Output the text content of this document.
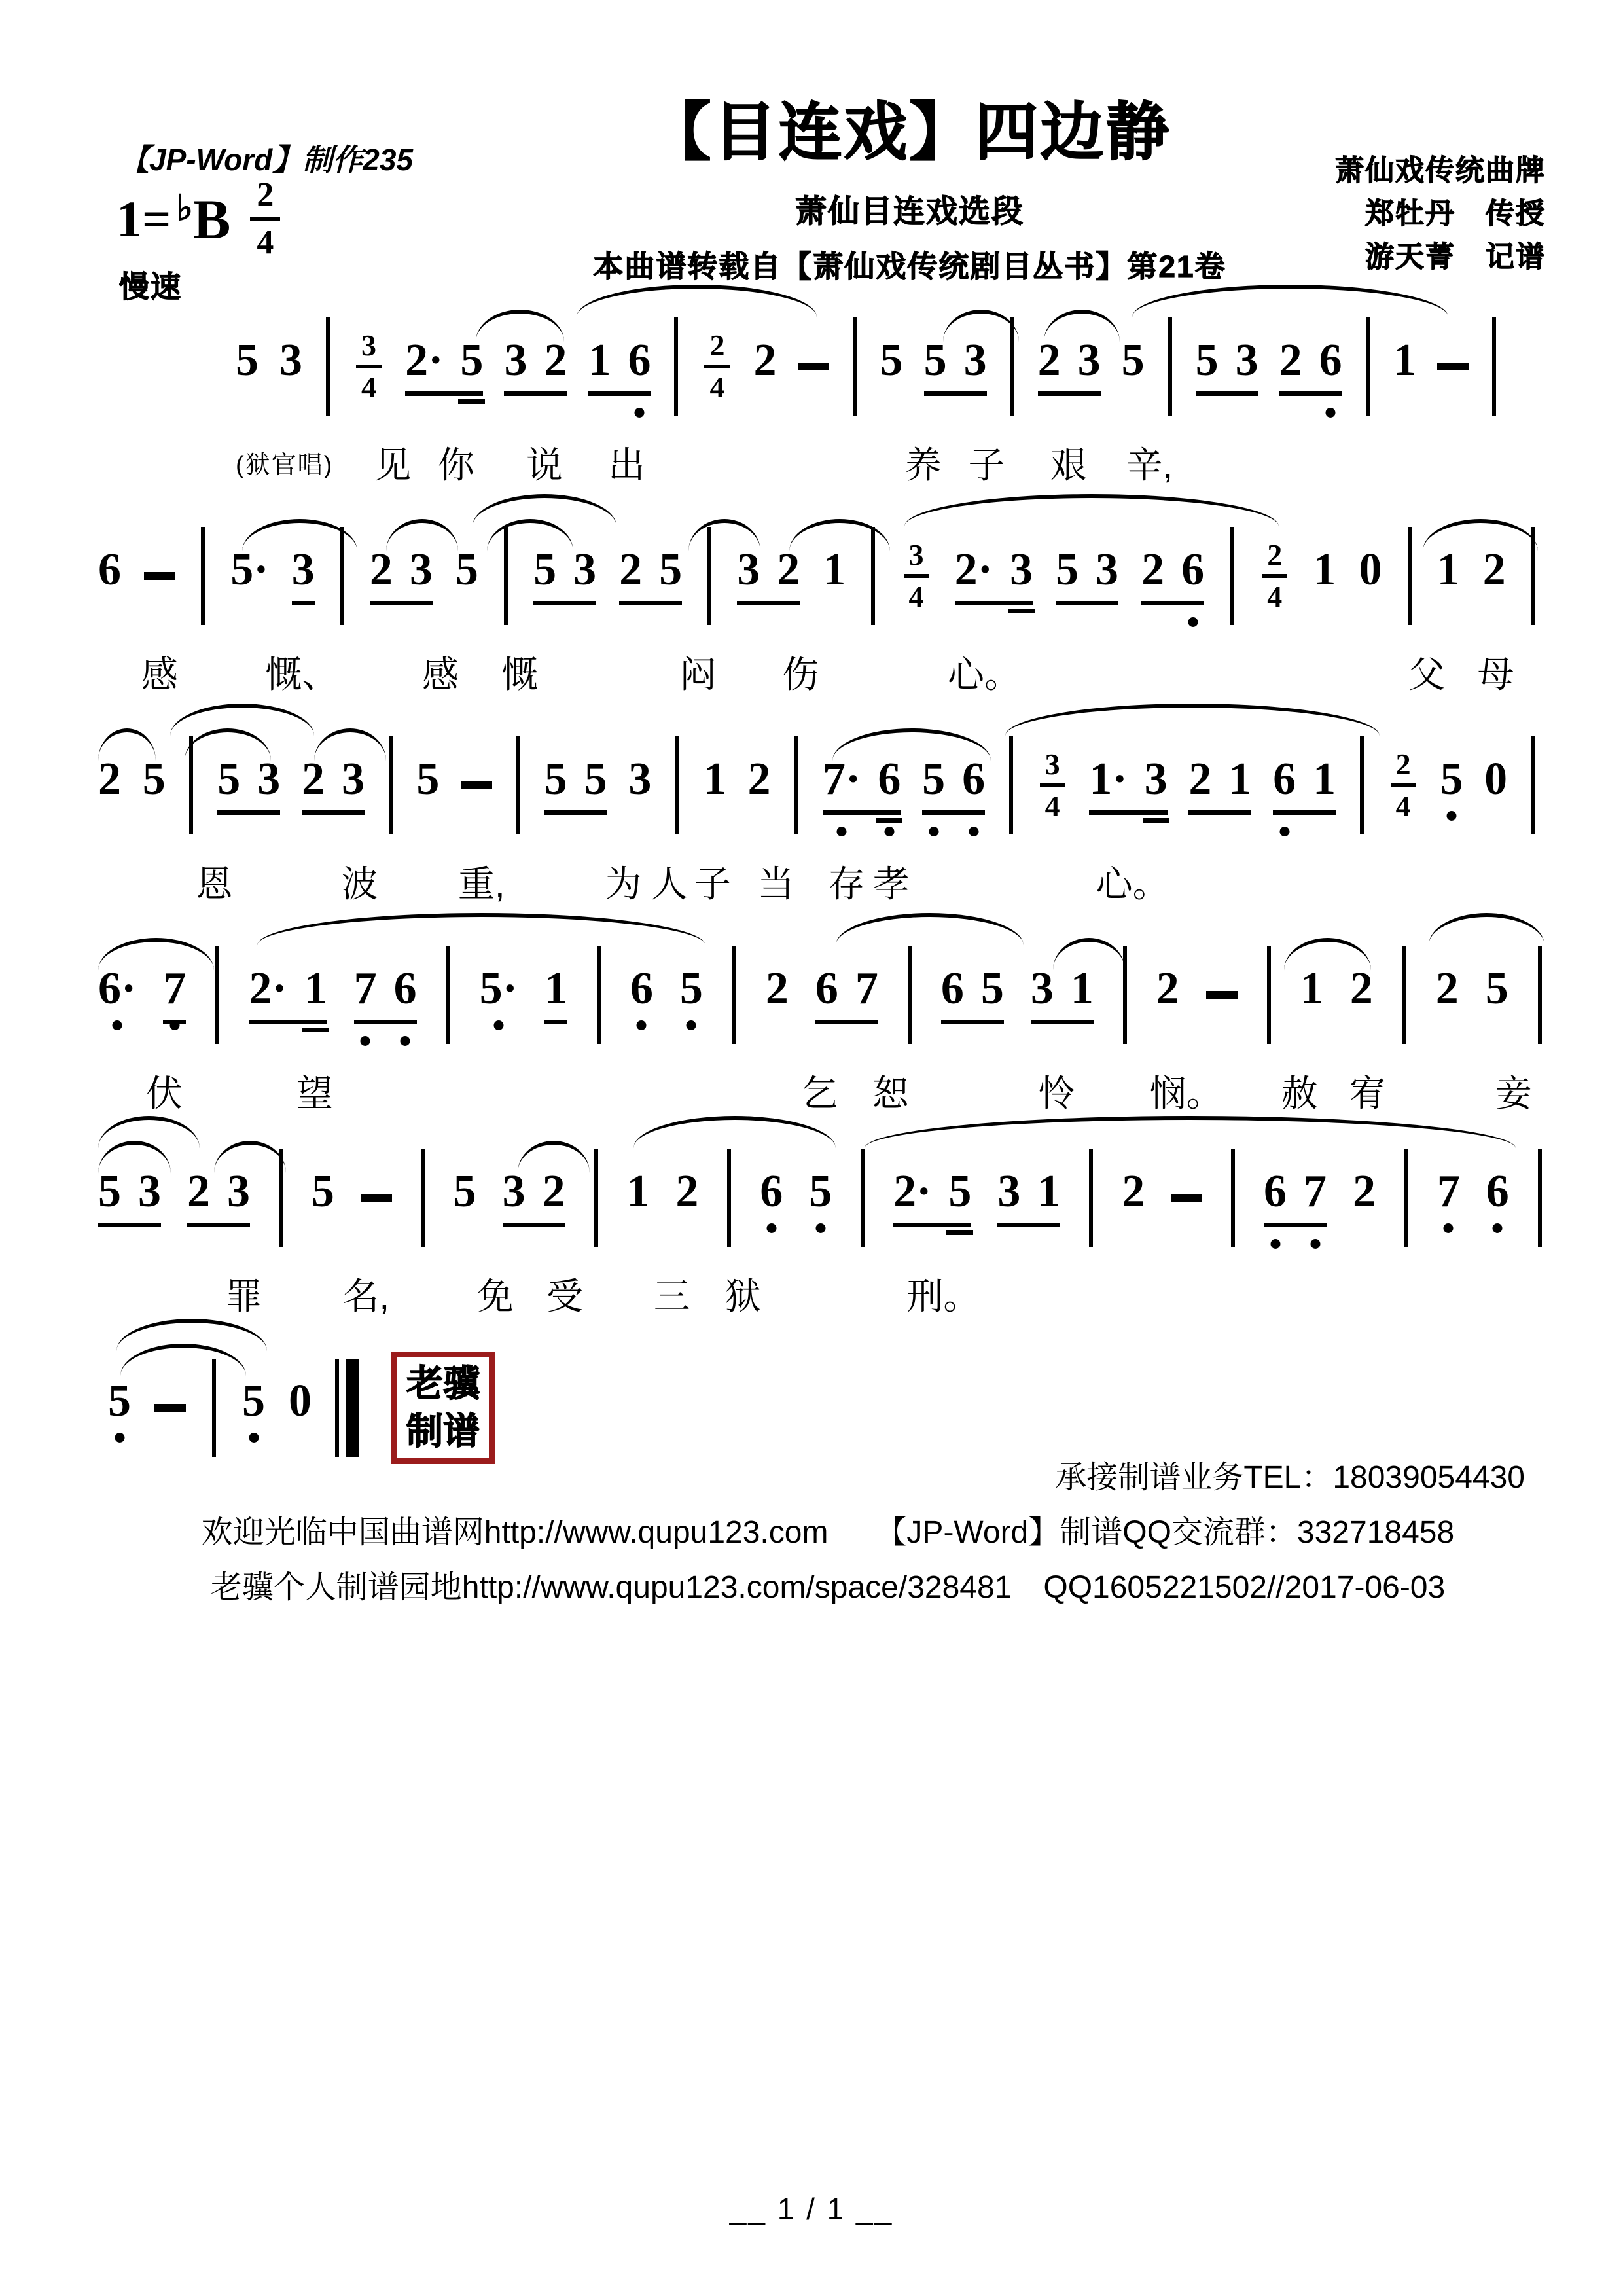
【JP-Word】制作235
1= ♭ B $\frac{2}{4}$
慢速
【目连戏】四边静
萧仙目连戏选段
本曲谱转载自【萧仙戏传统剧目丛书】第21卷
萧仙戏传统曲牌
郑牡丹　传授
游天菁　记谱
5 3 3
4
2· 5 3 2 1 6 2
4
2 5 5 3 2 3 5 5 3 2 6 1
(狱官唱) 见 你 说 出	养 子 艰 辛,
6 5· 3 2 3 5 5 3 2 5 3 2 1 3
4
2· 3 5 3 2 6 2
4
1 0 1 2
感 慨、 感 慨	闷 伤	心。	父 母
2 5 5 3 2 3 5 5 5 3 1 2 7· 6 5 6 3
4
1· 3 2 1 6 1 2
4
5 0
恩	波 重,	为 人 子 当 存 孝	心。
6· 7 2· 1 7 6 5· 1 6 5 2 6 7 6 5 3 1 2	1 2 2 5
伏	望	乞 恕	怜 悯。 赦 宥	妾
5 3 2 3 5	5 3 2 1 2 6 5 2· 5 3 1 2	6 7 2 7 6
罪 名, 免 受 三 狱	刑。
5 5 0	老骥
制谱
承接制谱业务TEL：18039054430
欢迎光临中国曲谱网http://www.qupu123.com　　【JP-Word】制谱QQ交流群：332718458
老骥个人制谱园地http://www.qupu123.com/space/328481　QQ1605221502//2017-06-03
__ 1 / 1 __
